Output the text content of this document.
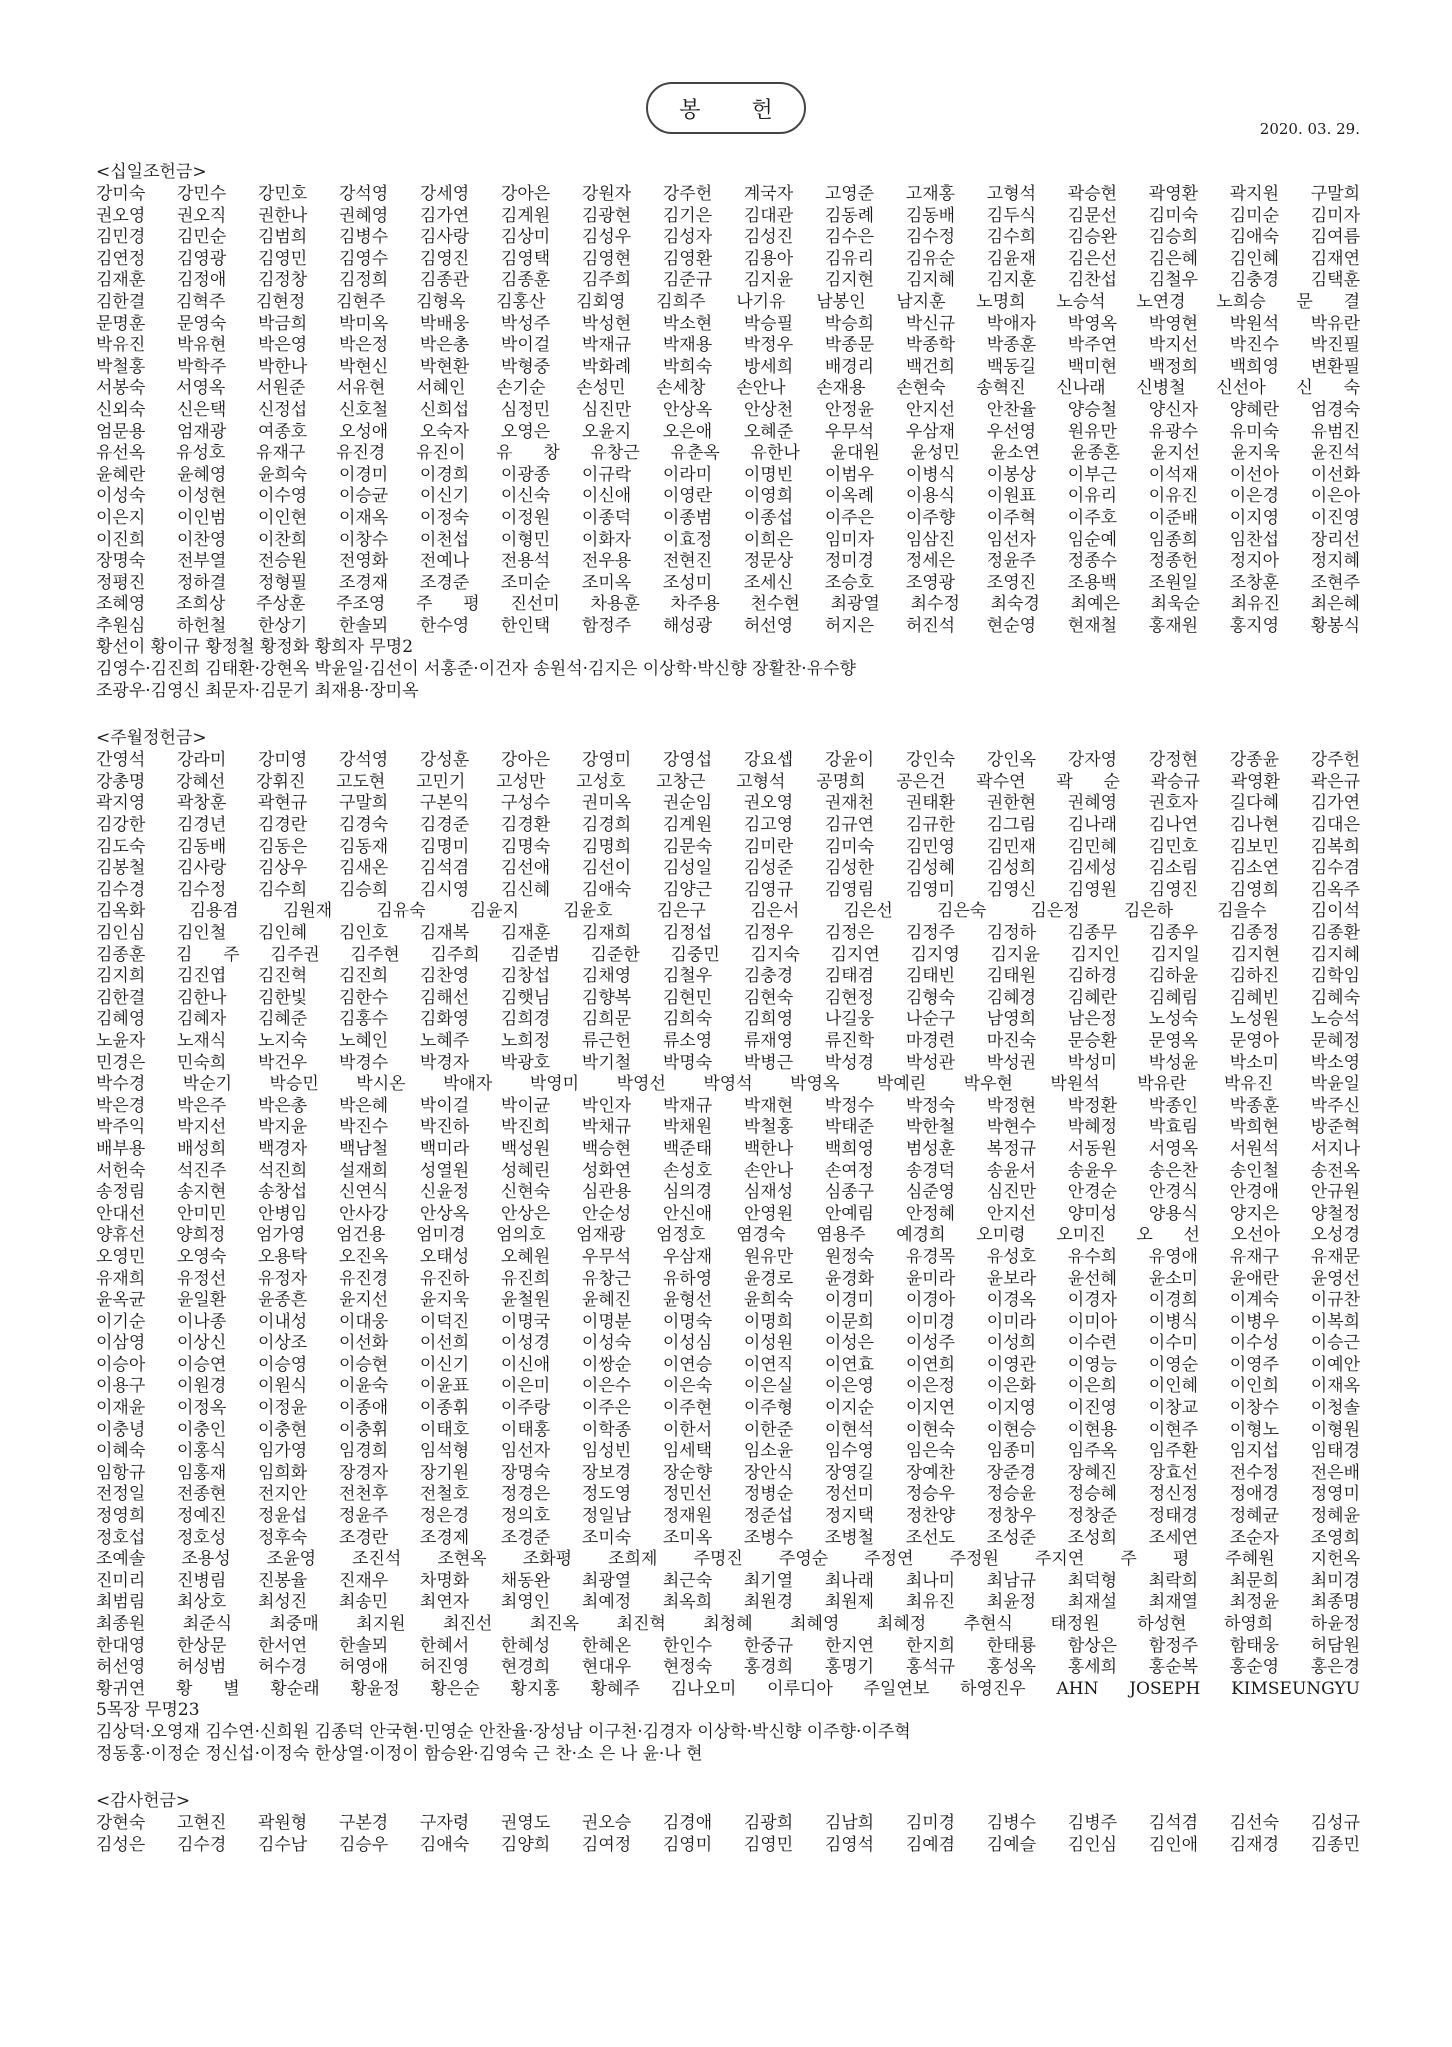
봉 헌
2020. 03. 29.
<십일조헌금>
강미숙 강민수 강민호 강석영 강세영 강아은 강원자 강주헌 계국자 고영준 고재홍 고형석 곽승현 곽영환 곽지원 구말희
권오영 권오직 권한나 권혜영 김가연 김계원 김광현 김기은 김대관 김동례 김동배 김두식 김문선 김미숙 김미순 김미자
김민경 김민순 김범희 김병수 김사랑 김상미 김성우 김성자 김성진 김수은 김수정 김수희 김승완 김승희 김애숙 김여름
김연정 김영광 김영민 김영수 김영진 김영택 김영현 김영환 김용아 김유리 김유순 김윤재 김은선 김은혜 김인혜 김재연
김재훈 김정애 김정창 김정희 김종관 김종훈 김주희 김준규 김지윤 김지현 김지혜 김지훈 김찬섭 김철우 김충경 김택훈
김한결 김혁주 김현정 김현주 김형옥 김홍산 김회영 김희주 나기유 남봉인 남지훈 노명희 노승석 노연경 노희승 문 결
문명훈 문영숙 박금희 박미옥 박배웅 박성주 박성현 박소현 박승필 박승희 박신규 박애자 박영옥 박영현 박원석 박유란
박유진 박유현 박은영 박은정 박은총 박이걸 박재규 박재용 박정우 박종문 박종학 박종훈 박주연 박지선 박진수 박진필
박철홍 박학주 박한나 박현신 박현환 박형중 박화례 박희숙 방세희 배경리 백건희 백동길 백미현 백정희 백희영 변환필
서봉숙 서영옥 서원준 서유현 서혜인 손기순 손성민 손세창 손안나 손재용 손현숙 송혁진 신나래 신병철 신선아 신 숙
신외숙 신은택 신정섭 신호철 신희섭 심정민 심진만 안상옥 안상천 안정윤 안지선 안찬율 양승철 양신자 양혜란 엄경숙
엄문용 엄재광 여종호 오성애 오숙자 오영은 오윤지 오은애 오혜준 우무석 우삼재 우선영 원유만 유광수 유미숙 유범진
유선옥 유성호 유재구 유진경 유진이 유 창 유창근 유춘옥 유한나 윤대원 윤성민 윤소연 윤종혼 윤지선 윤지욱 윤진석
윤혜란 윤혜영 윤희숙 이경미 이경희 이광종 이규락 이라미 이명빈 이범우 이병식 이봉상 이부근 이석재 이선아 이선화
이성숙 이성현 이수영 이승균 이신기 이신숙 이신애 이영란 이영희 이옥례 이용식 이원표 이유리 이유진 이은경 이은아
이은지 이인범 이인현 이재옥 이정숙 이정원 이종덕 이종범 이종섭 이주은 이주향 이주혁 이주호 이준배 이지영 이진영
이진희 이찬영 이찬희 이창수 이천섭 이형민 이화자 이효정 이희은 임미자 임삼진 임선자 임순예 임종희 임찬섭 장리선
장명숙 전부열 전승원 전영화 전예나 전용석 전우용 전현진 정문상 정미경 정세은 정윤주 정종수 정종헌 정지아 정지혜
정평진 정하결 정형필 조경재 조경준 조미순 조미옥 조성미 조세신 조승호 조영광 조영진 조용백 조원일 조창훈 조현주
조혜영 조희상 주상훈 주조영 주 평 진선미 차용훈 차주용 천수현 최광열 최수정 최숙경 최예은 최욱순 최유진 최은혜
추원심 하헌철 한상기 한솔뫼 한수영 한인택 함정주 해성광 허선영 허지은 허진석 현순영 현재철 홍재원 홍지영 황봉식
황선이 황이규 황정철 황정화 황희자 무명2
김영수·김진희 김태환·강현옥 박윤일·김선이 서홍준·이건자 송원석·김지은 이상학·박신향 장활찬·유수향
조광우·김영신 최문자·김문기 최재용·장미옥
<주월정헌금>
간영석 강라미 강미영 강석영 강성훈 강아은 강영미 강영섭 강요셉 강윤이 강인숙 강인옥 강자영 강정현 강종윤 강주헌
강총명 강혜선 강휘진 고도현 고민기 고성만 고성호 고창근 고형석 공명희 공은건 곽수연 곽 순 곽승규 곽영환 곽은규
곽지영 곽창훈 곽현규 구말희 구본익 구성수 권미옥 권순임 권오영 권재천 권태환 권한현 권혜영 권호자 길다혜 김가연
김강한 김경년 김경란 김경숙 김경준 김경환 김경희 김계원 김고영 김규연 김규한 김그림 김나래 김나연 김나현 김대은
김도숙 김동배 김동은 김동재 김명미 김명숙 김명희 김문숙 김미란 김미숙 김민영 김민재 김민혜 김민호 김보민 김복희
김봉철 김사랑 김상우 김새온 김석겸 김선애 김선이 김성일 김성준 김성한 김성혜 김성희 김세성 김소림 김소연 김수겸
김수경 김수정 김수희 김승희 김시영 김신혜 김애숙 김양근 김영규 김영림 김영미 김영신 김영원 김영진 김영희 김옥주
김옥화 김용겸 김원재 김유숙 김윤지 김윤호 김은구 김은서 김은선 김은숙 김은정 김은하 김을수 김이석
김인심 김인철 김인혜 김인호 김재복 김재훈 김재희 김정섭 김정우 김정은 김정주 김정하 김종무 김종우 김종정 김종환
김종훈 김 주 김주권 김주현 김주희 김준범 김준한 김중민 김지숙 김지연 김지영 김지윤 김지인 김지일 김지현 김지혜
김지희 김진엽 김진혁 김진희 김찬영 김창섭 김채영 김철우 김충경 김태겸 김태빈 김태원 김하경 김하윤 김하진 김학임
김한결 김한나 김한빛 김한수 김해선 김햇님 김향복 김현민 김현숙 김현정 김형숙 김혜경 김혜란 김혜림 김혜빈 김혜숙
김혜영 김혜자 김혜준 김홍수 김화영 김희경 김희문 김희숙 김희영 나길웅 나순구 남영희 남은정 노성숙 노성원 노승석
노윤자 노재식 노지숙 노혜인 노혜주 노희정 류근헌 류소영 류재영 류진학 마경련 마진숙 문승환 문영옥 문영아 문혜정
민경은 민숙희 박건우 박경수 박경자 박광호 박기철 박명숙 박병근 박성경 박성관 박성권 박성미 박성윤 박소미 박소영
박수경 박순기 박승민 박시온 박애자 박영미 박영선 박영석 박영옥 박예린 박우현 박원석 박유란 박유진 박윤일
박은경 박은주 박은총 박은혜 박이걸 박이균 박인자 박재규 박재현 박정수 박정숙 박정현 박정환 박종인 박종훈 박주신
박주익 박지선 박지윤 박진수 박진하 박진희 박채규 박채원 박철홍 박태준 박한철 박현수 박혜정 박효림 박희현 방준혁
배부용 배성희 백경자 백남철 백미라 백성원 백승현 백준태 백한나 백희영 범성훈 복정규 서동원 서영옥 서원석 서지나
서헌숙 석진주 석진희 설재희 성열원 성혜린 성화연 손성호 손안나 손여정 송경덕 송윤서 송윤우 송은찬 송인철 송전옥
송정림 송지현 송창섭 신연식 신윤정 신현숙 심관용 심의경 심재성 심종구 심준영 심진만 안경순 안경식 안경애 안규원
안대선 안미민 안병임 안사강 안상옥 안상은 안순성 안신애 안영원 안예림 안정혜 안지선 양미성 양용식 양지은 양철정
양휴선 양희정 엄가영 엄건용 엄미경 엄의호 엄재광 엄정호 염경숙 염용주 예경희 오미령 오미진 오 선 오선아 오성경
오영민 오영숙 오용탁 오진옥 오태성 오혜원 우무석 우삼재 원유만 원정숙 유경목 유성호 유수희 유영애 유재구 유재문
유재희 유정선 유정자 유진경 유진하 유진희 유창근 유하영 윤경로 윤경화 윤미라 윤보라 윤선혜 윤소미 윤애란 윤영선
윤옥균 윤일환 윤종흔 윤지선 윤지욱 윤철원 윤혜진 윤형선 윤희숙 이경미 이경아 이경옥 이경자 이경희 이계숙 이규찬
이기순 이나종 이내성 이대웅 이덕진 이명국 이명분 이명숙 이명희 이문희 이미경 이미라 이미아 이병식 이병우 이복희
이삼영 이상신 이상조 이선화 이선희 이성경 이성숙 이성심 이성원 이성은 이성주 이성희 이수련 이수미 이수성 이승근
이승아 이승연 이승영 이승현 이신기 이신애 이쌍순 이연승 이연직 이연효 이연희 이영관 이영능 이영순 이영주 이예안
이용구 이원경 이원식 이윤숙 이윤표 이은미 이은수 이은숙 이은실 이은영 이은정 이은화 이은희 이인혜 이인희 이재옥
이재윤 이정옥 이정윤 이종애 이종휘 이주랑 이주은 이주현 이주형 이지순 이지연 이지영 이진영 이창교 이창수 이청솔
이충녕 이충인 이충현 이충휘 이태호 이태홍 이학종 이한서 이한준 이현석 이현숙 이현승 이현용 이현주 이형노 이형원
이혜숙 이홍식 임가영 임경희 임석형 임선자 임성빈 임세택 임소윤 임수영 임은숙 임종미 임주옥 임주환 임지섭 임태경
임항규 임홍재 임희화 장경자 장기원 장명숙 장보경 장순향 장안식 장영길 장예찬 장준경 장혜진 장효선 전수정 전은배
전정일 전종현 전지안 전천후 전철호 정경은 정도영 정민선 정병순 정선미 정승우 정승윤 정승혜 정신정 정애경 정영미
정영희 정예진 정윤섭 정윤주 정은경 정의호 정일남 정재원 정준섭 정지택 정찬양 정창우 정창준 정태경 정혜균 정혜윤
정호섭 정호성 정후숙 조경란 조경제 조경준 조미숙 조미옥 조병수 조병철 조선도 조성준 조성희 조세연 조순자 조영희
조예솔 조용성 조윤영 조진석 조현옥 조화평 조희제 주명진 주영순 주정연 주정원 주지연 주 평 주혜원 지헌옥
진미리 진병림 진봉율 진재우 차명화 채동완 최광열 최근숙 최기열 최나래 최나미 최남규 최덕형 최락희 최문희 최미경
최범림 최상호 최성진 최송민 최연자 최영인 최예정 최옥희 최원경 최원제 최유진 최윤정 최재설 최재열 최정윤 최종명
최종원 최준식 최중매 최지원 최진선 최진옥 최진혁 최청혜 최혜영 최혜정 추현식 태정원 하성현 하영희 하윤정
한대영 한상문 한서연 한솔뫼 한혜서 한혜성 한혜온 한인수 한중규 한지연 한지희 한태룡 함상은 함정주 함태웅 허담원
허선영 허성범 허수경 허영애 허진영 현경희 현대우 현정숙 홍경희 홍명기 홍석규 홍성옥 홍세희 홍순복 홍순영 홍은경
황귀연 황 별 황순래 황윤정 황은순 황지홍 황혜주 김나오미 이루디아 주일연보 하영진우 AHN JOSEPH KIMSEUNGYU
5목장 무명23
김상덕·오영재 김수연·신희원 김종덕 안국현·민영순 안찬율·장성남 이구천·김경자 이상학·박신향 이주향·이주혁
정동홍·이정순 정신섭·이정숙 한상열·이정이 함승완·김영숙 근 찬·소 은 나 윤·나 현
<감사헌금>
강현숙 고현진 곽원형 구본경 구자령 권영도 권오승 김경애 김광희 김남희 김미경 김병수 김병주 김석겸 김선숙 김성규
김성은 김수경 김수남 김승우 김애숙 김양희 김여정 김영미 김영민 김영석 김예겸 김예슬 김인심 김인애 김재경 김종민
